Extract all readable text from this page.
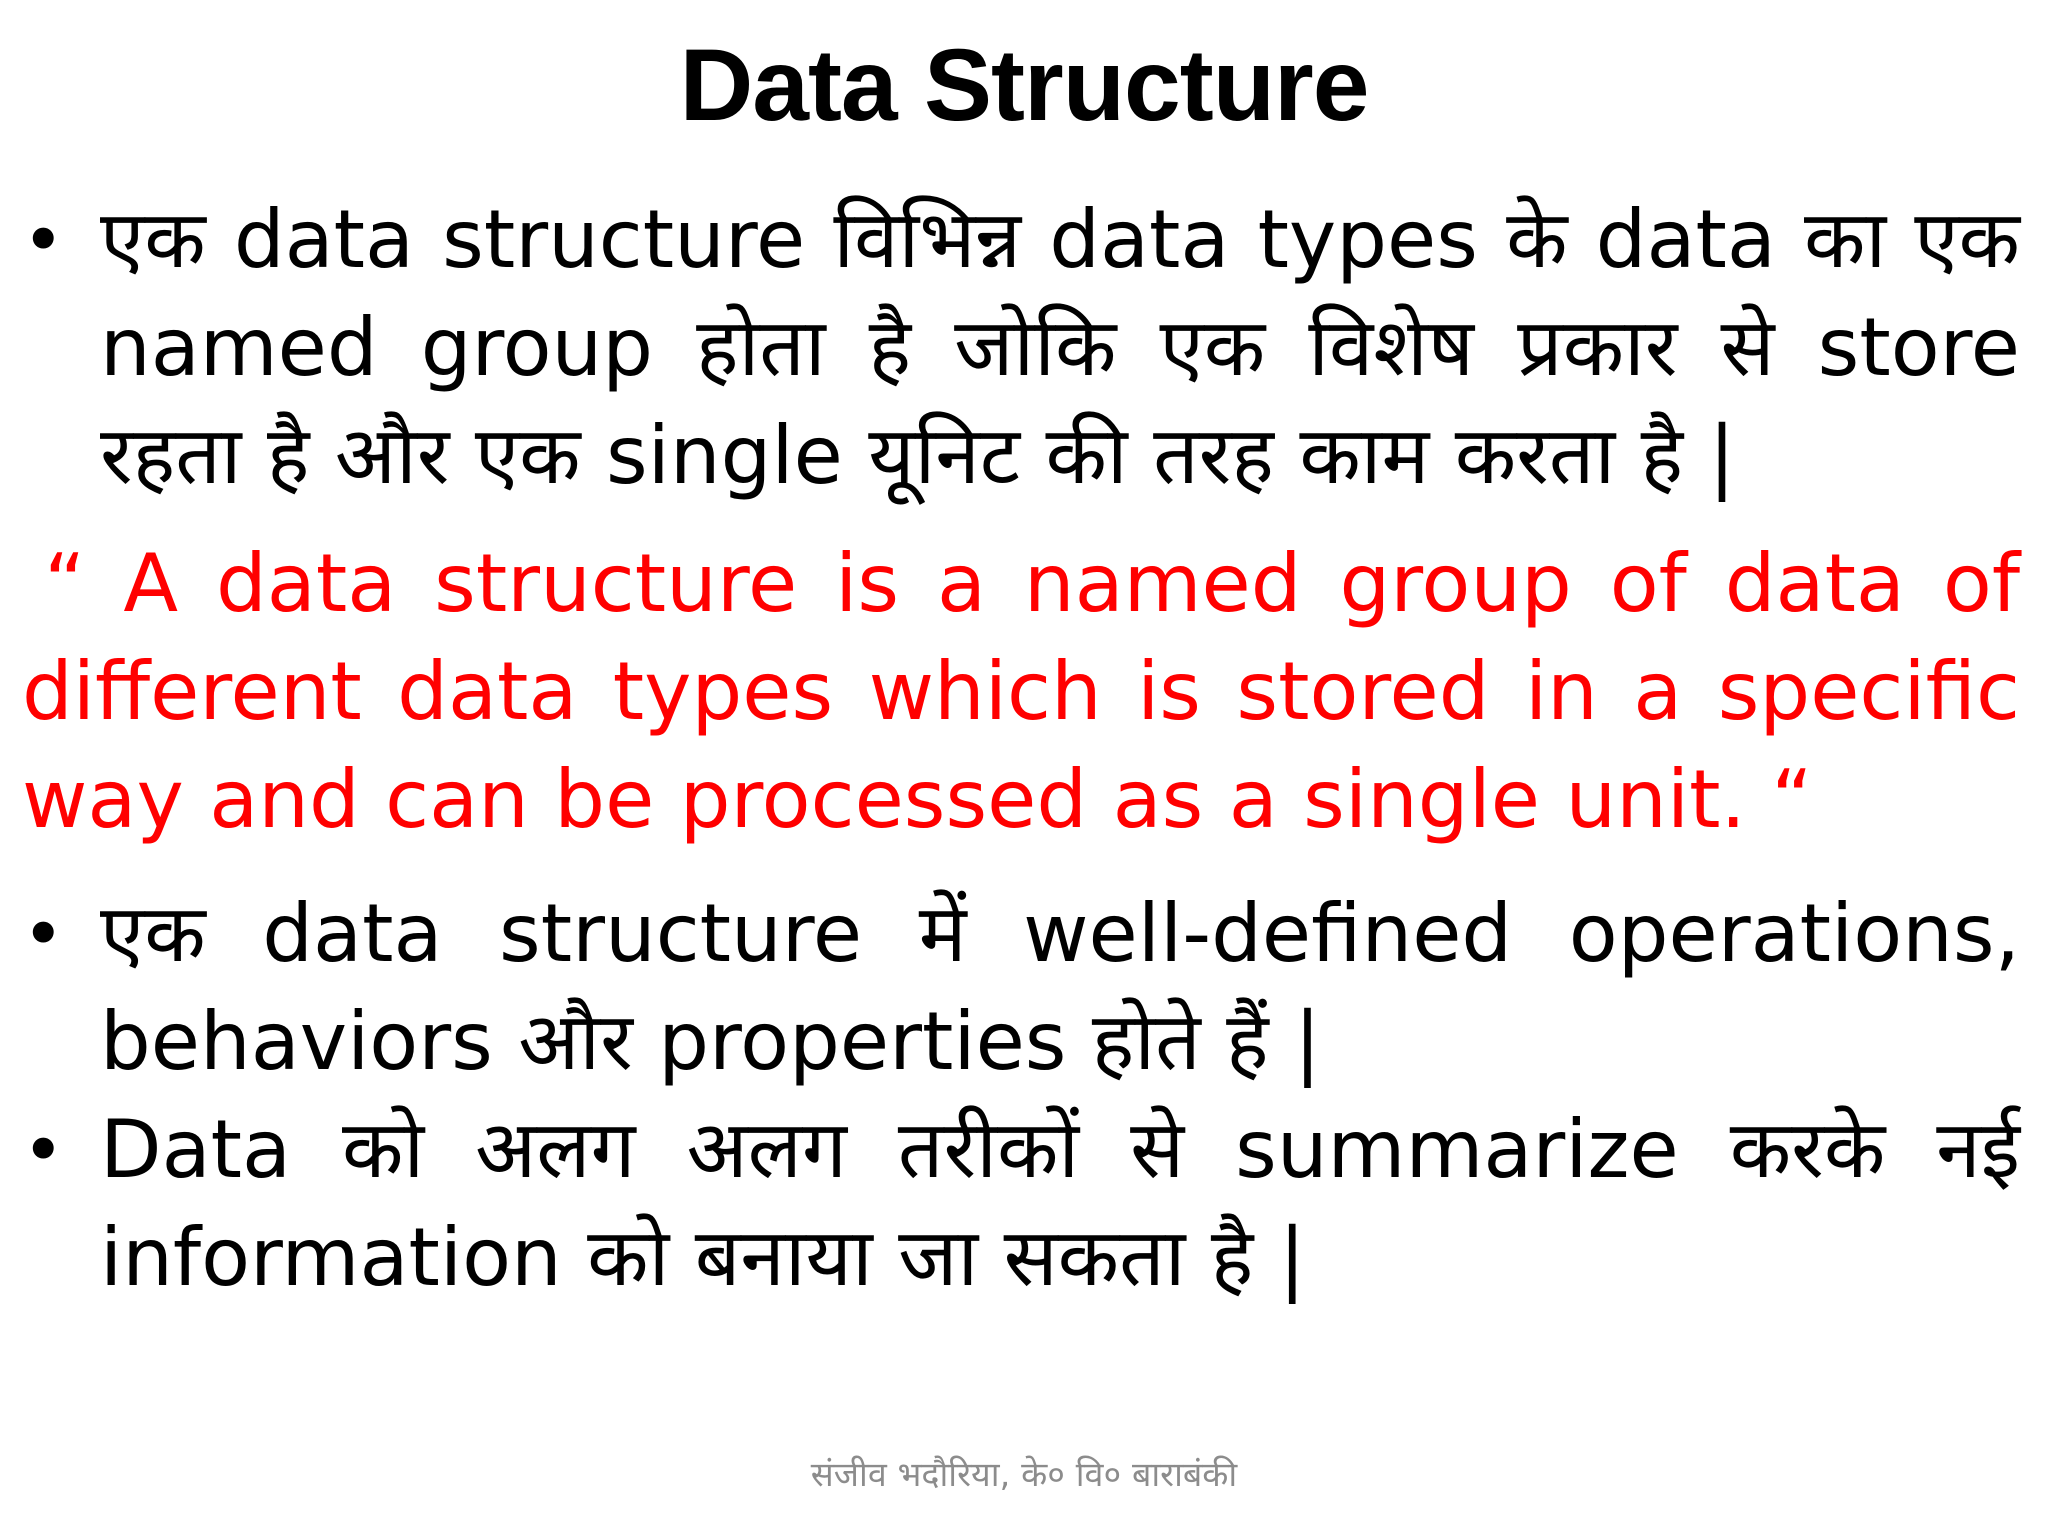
Data Structure
• एक data structure विभिन्न data types के data का एक named group होता है जोकि एक विशेष प्रकार से store रहता है और एक single यूनिट की तरह काम करता है |
“ A data structure is a named group of data of different data types which is stored in a specific way and can be processed as a single unit. “
• एक data structure में well-defined operations, behaviors और properties होते हैं |
• Data को अलग अलग तरीकों से summarize करके नई information को बनाया जा सकता है |
संजीव भदौरिया, के० वि० बाराबंकी
